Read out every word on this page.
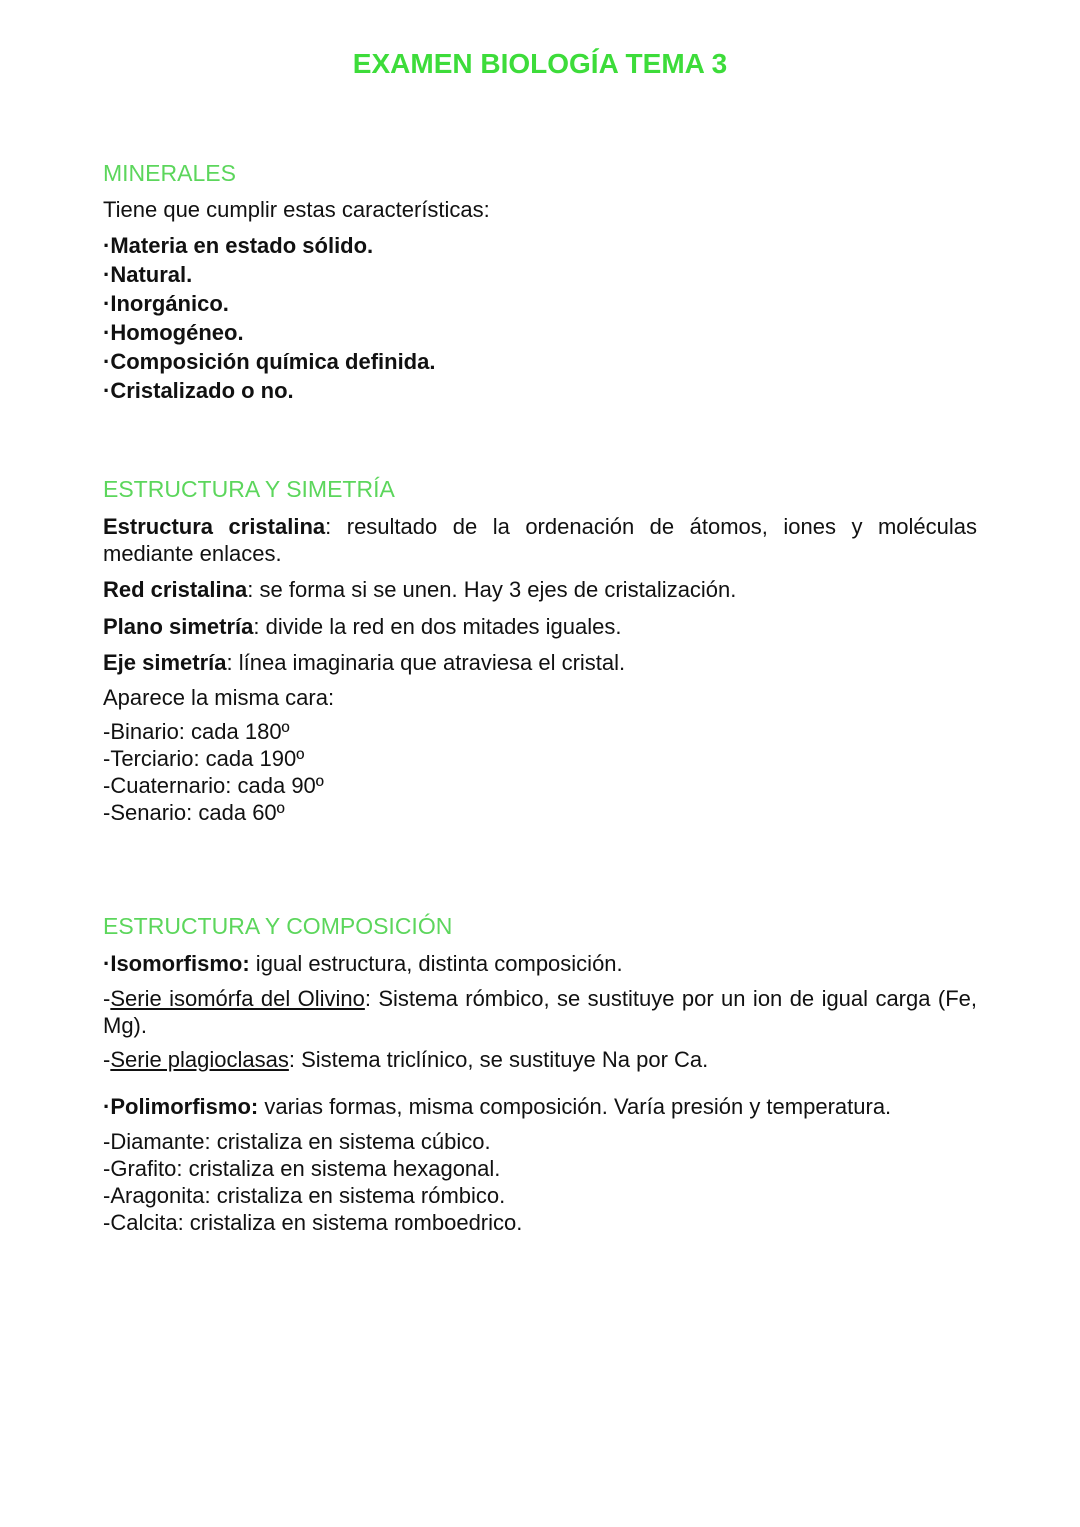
EXAMEN BIOLOGÍA TEMA 3
MINERALES

Tiene que cumplir estas características:

·Materia en estado sólido.
·Natural.
·Inorgánico.
·Homogéneo.
·Composición química definida.
·Cristalizado o no.
ESTRUCTURA Y SIMETRÍA

Estructura cristalina: resultado de la ordenación de átomos, iones y moléculas mediante enlaces.

Red cristalina: se forma si se unen. Hay 3 ejes de cristalización.

Plano simetría: divide la red en dos mitades iguales.

Eje simetría: línea imaginaria que atraviesa el cristal.

Aparece la misma cara:

-Binario: cada 180º
-Terciario: cada 190º
-Cuaternario: cada 90º
-Senario: cada 60º
ESTRUCTURA Y COMPOSICIÓN

·Isomorfismo: igual estructura, distinta composición.

-Serie isomórfa del Olivino: Sistema rómbico, se sustituye por un ion de igual carga (Fe, Mg).

-Serie plagioclasas: Sistema triclínico, se sustituye Na por Ca.

·Polimorfismo: varias formas, misma composición. Varía presión y temperatura.

-Diamante: cristaliza en sistema cúbico.
-Grafito: cristaliza en sistema hexagonal.
-Aragonita: cristaliza en sistema rómbico.
-Calcita: cristaliza en sistema romboedrico.
